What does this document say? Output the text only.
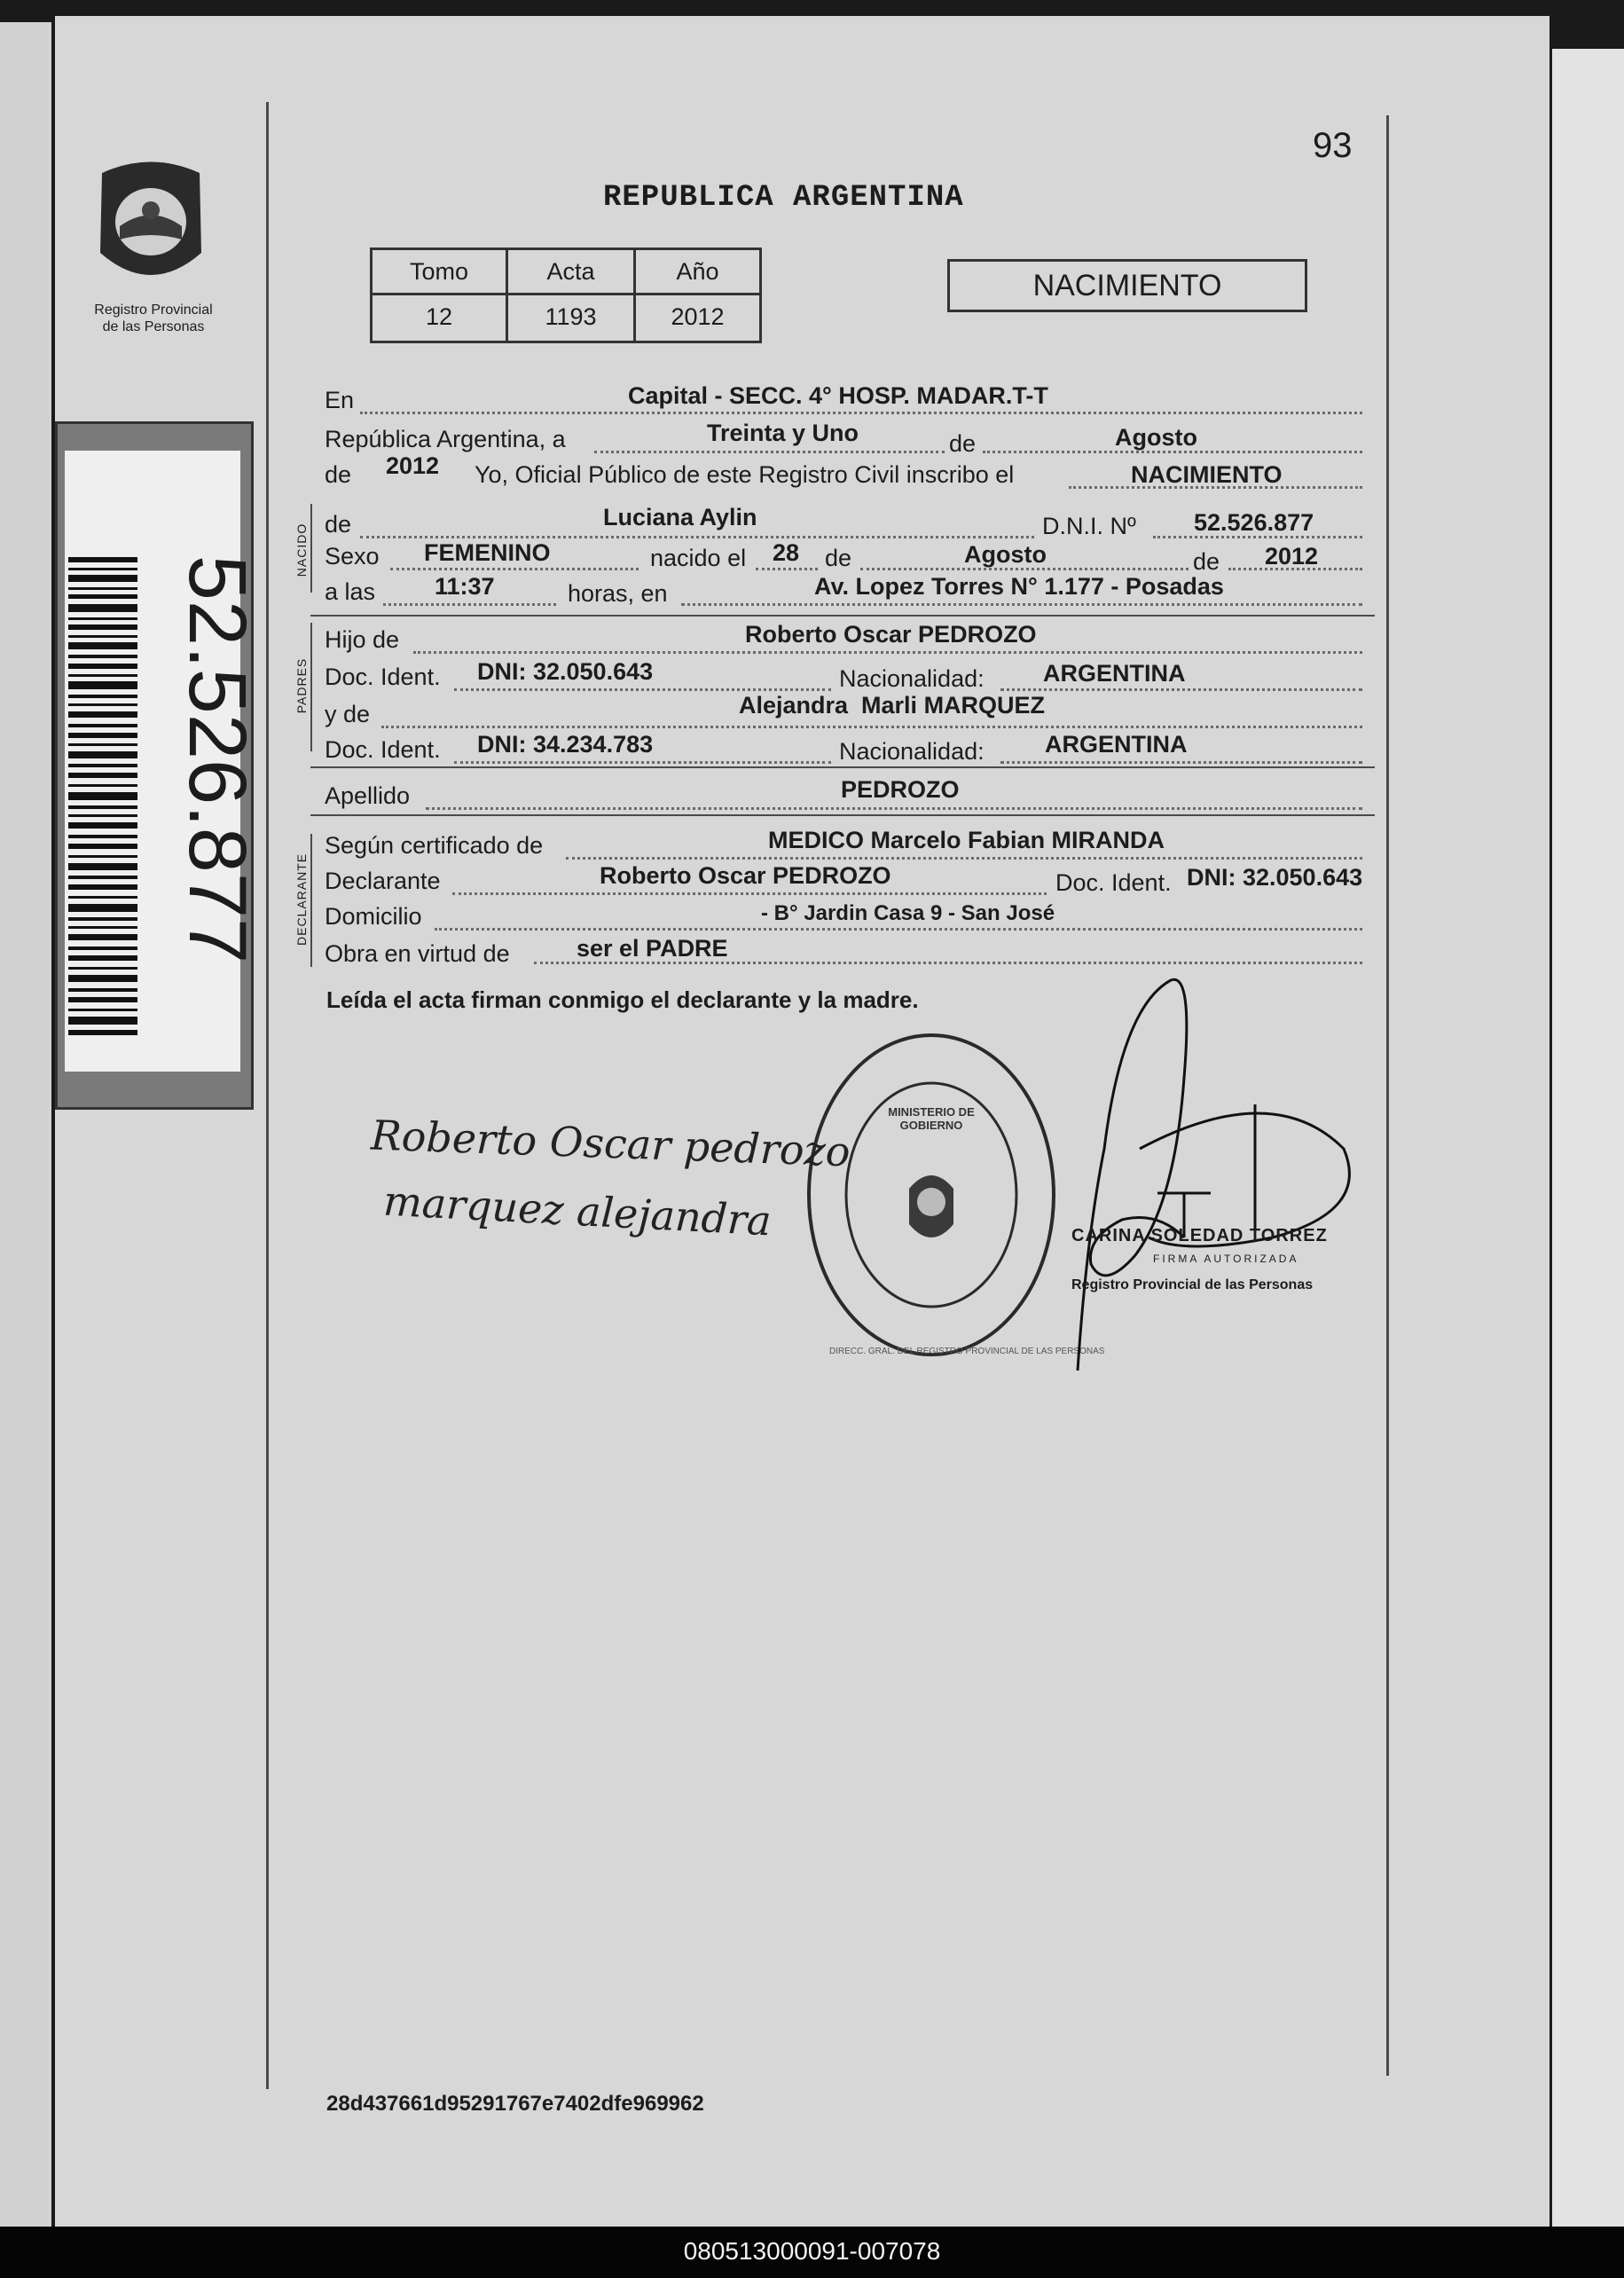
93
REPUBLICA ARGENTINA
Registro Provincial
de las Personas
52.526.877
Tomo	Acta	Año
12	1193	2012
NACIMIENTO
NACIDO
PADRES
DECLARANTE
En	Capital - SECC. 4° HOSP. MADAR.T-T
República Argentina, a	Treinta y Uno	de	Agosto
de 2012 Yo, Oficial Público de este Registro Civil inscribo el	NACIMIENTO
de	Luciana Aylin	D.N.I. Nº 52.526.877
Sexo FEMENINO	nacido el 28 de	Agosto	de 2012
a las 11:37	horas, en	Av. Lopez Torres N° 1.177 - Posadas
Hijo de	Roberto Oscar PEDROZO
Doc. Ident. DNI: 32.050.643	Nacionalidad: ARGENTINA
y de	Alejandra  Marli MARQUEZ
Doc. Ident. DNI: 34.234.783	Nacionalidad:	ARGENTINA
Apellido	PEDROZO
Según certificado de	MEDICO Marcelo Fabian MIRANDA
Declarante	Roberto Oscar PEDROZO	Doc. Ident. DNI: 32.050.643
Domicilio	- B° Jardin Casa 9 - San José
Obra en virtud de	ser el PADRE
Leída el acta firman conmigo el declarante y la madre.
DIRECC. GRAL. DEL REGISTRO PROVINCIAL DE LAS PERSONAS
MINISTERIO DE GOBIERNO
CARINA SOLEDAD TORREZ
FIRMA AUTORIZADA
Registro Provincial de las Personas
Roberto Oscar pedrozo
marquez alejandra
28d437661d95291767e7402dfe969962
080513000091-007078
